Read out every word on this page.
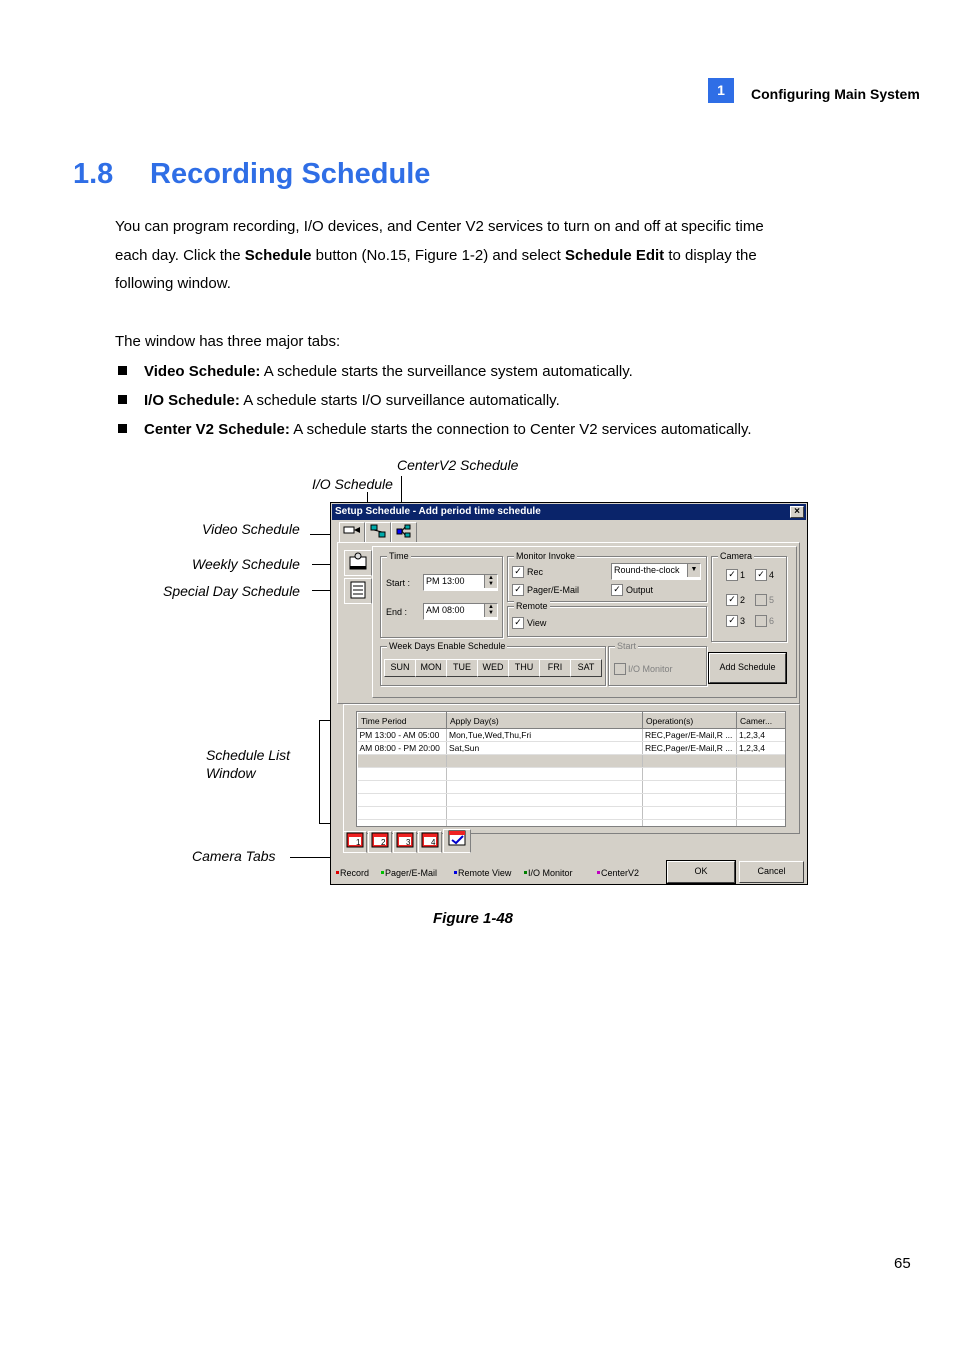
1	Configuring Main System
1.8 Recording Schedule
You can program recording, I/O devices, and Center V2 services to turn on and off at specific time
each day. Click the Schedule button (No.15, Figure 1-2) and select Schedule Edit to display the
following window.
The window has three major tabs:
Video Schedule: A schedule starts the surveillance system automatically.
I/O Schedule: A schedule starts I/O surveillance automatically.
Center V2 Schedule: A schedule starts the connection to Center V2 services automatically.
CenterV2 Schedule
I/O Schedule
Video Schedule
Weekly Schedule
Special Day Schedule
Schedule List
Window
Camera Tabs
Setup Schedule - Add period time schedule	×
Time
Start :	PM 13:00	▲
▼
End :	AM 08:00	▲
▼
Monitor Invoke
✓ Rec
✓ Pager/E-Mail
Round-the-clock	▼
✓ Output
Remote
✓ View
Camera
✓ 1 ✓ 4
✓ 2	5
✓ 3	6
Week Days Enable Schedule
SUN	MON	TUE	WED	THU	FRI	SAT
Start
I/O Monitor	Add Schedule
Time Period	Apply Day(s)	Operation(s)	Camer...
PM 13:00 - AM 05:00	Mon,Tue,Wed,Thu,Fri	REC,Pager/E-Mail,R ...	1,2,3,4
AM 08:00 - PM 20:00	Sat,Sun	REC,Pager/E-Mail,R ...	1,2,3,4

1	2	3	4
Record	Pager/E-Mail	Remote View	I/O Monitor	CenterV2	OK	Cancel
Figure 1-48
65
